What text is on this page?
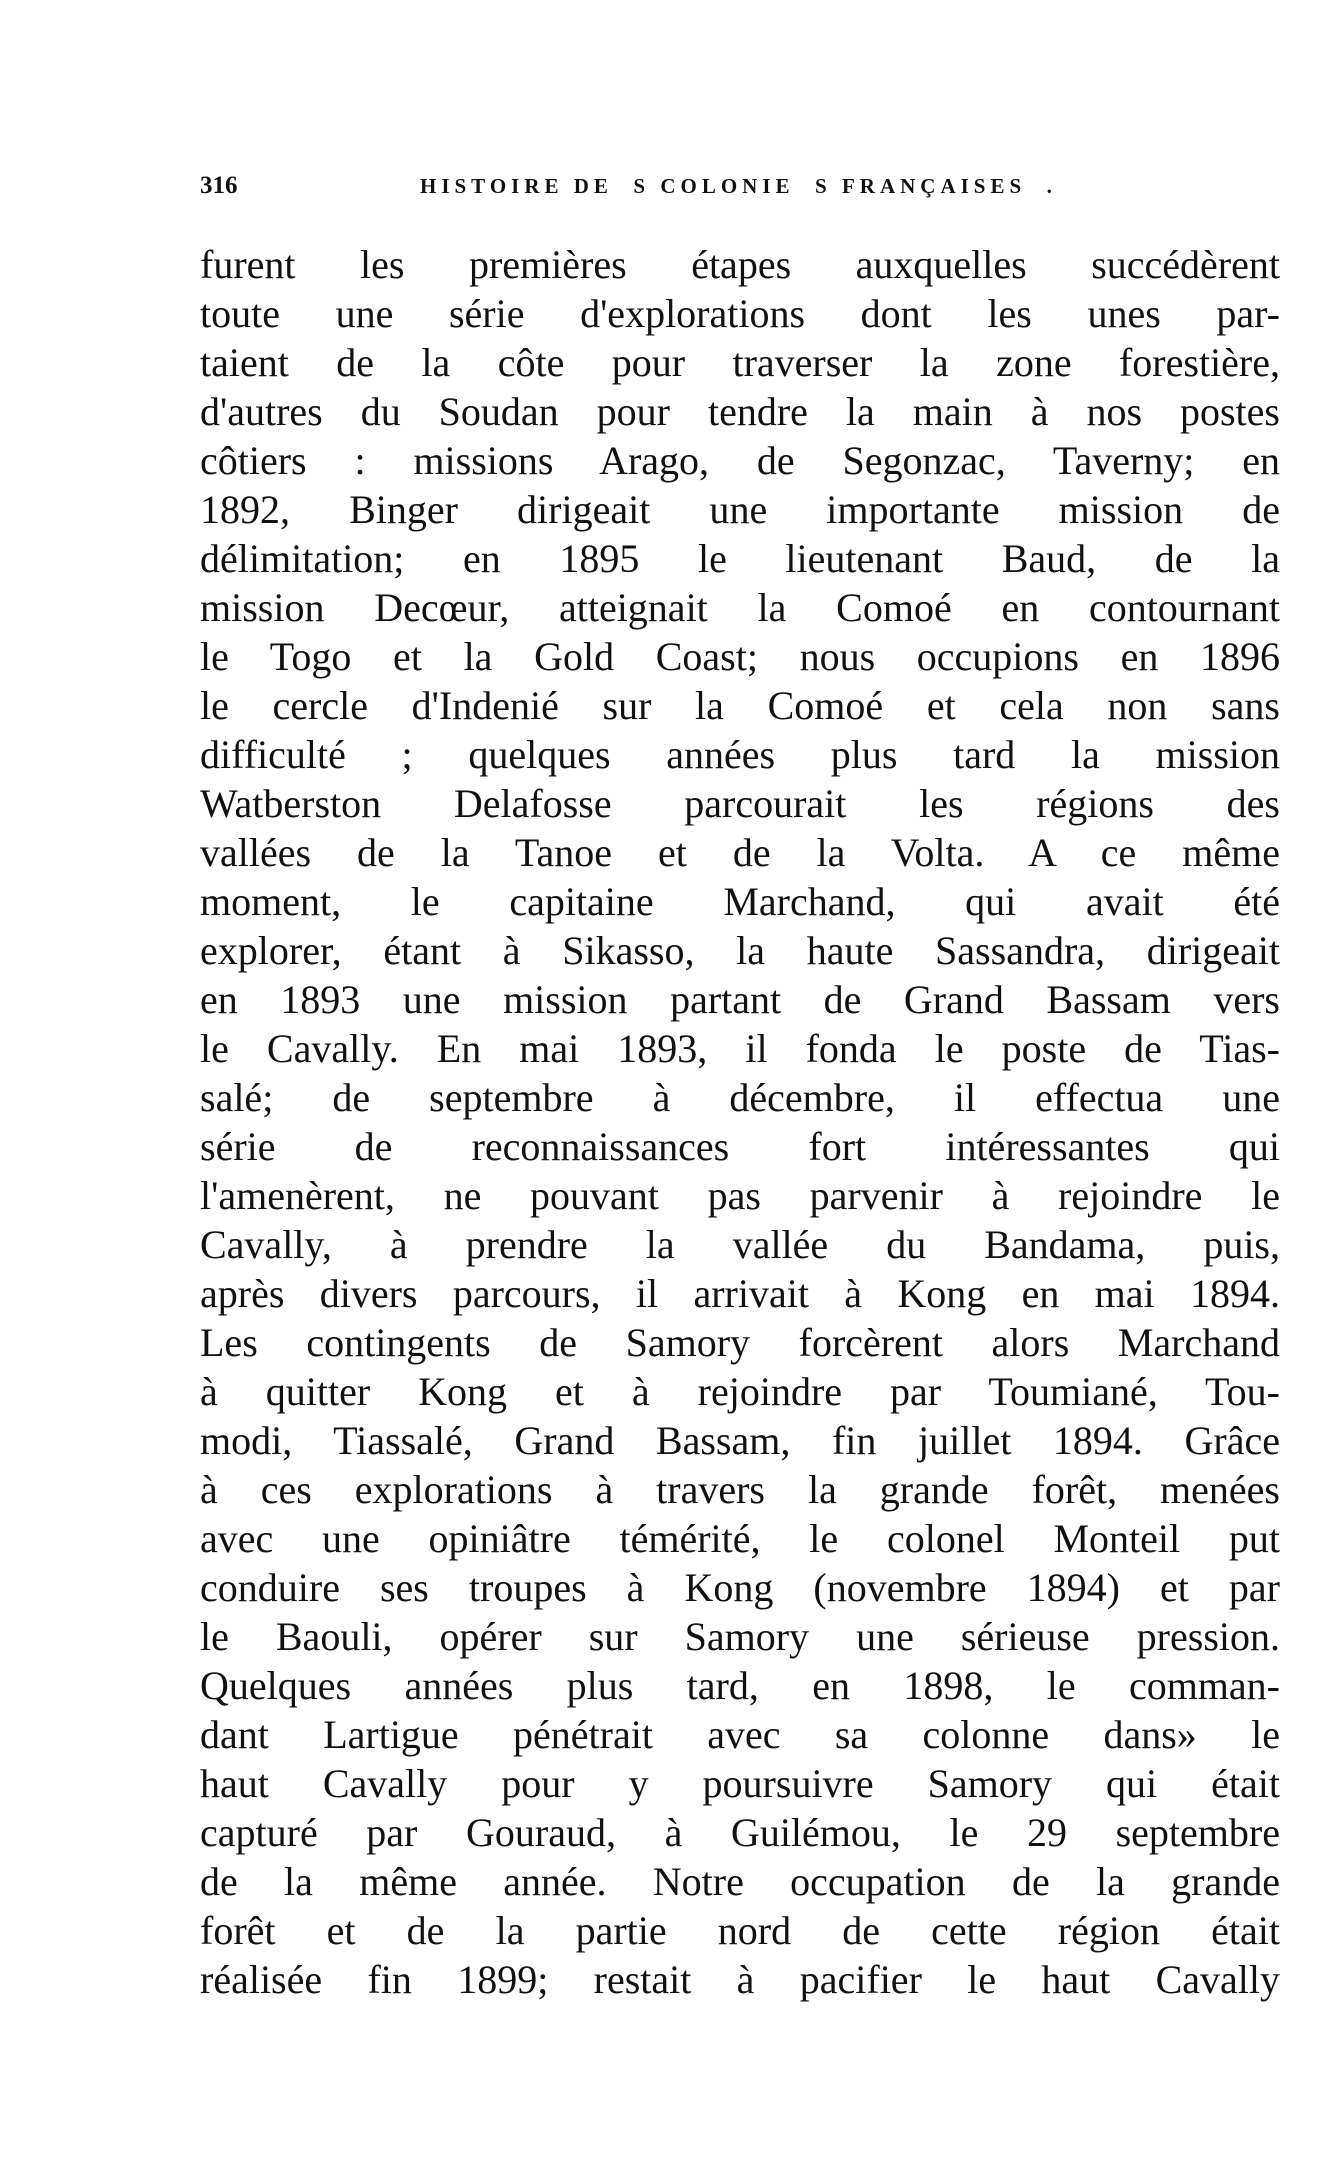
316	HISTOIRE DE  S COLONIE  S FRANÇAISES  .
furent les premières étapes auxquelles succédèrent
toute une série d'explorations dont les unes par-
taient de la côte pour traverser la zone forestière,
d'autres du Soudan pour tendre la main à nos postes
côtiers : missions Arago, de Segonzac, Taverny; en
1892, Binger dirigeait une importante mission de
délimitation; en 1895 le lieutenant Baud, de la
mission Decœur, atteignait la Comoé en contournant
le Togo et la Gold Coast; nous occupions en 1896
le cercle d'Indenié sur la Comoé et cela non sans
difficulté ; quelques années plus tard la mission
Watberston Delafosse parcourait les régions des
vallées de la Tanoe et de la Volta. A ce même
moment, le capitaine Marchand, qui avait été
explorer, étant à Sikasso, la haute Sassandra, dirigeait
en 1893 une mission partant de Grand Bassam vers
le Cavally. En mai 1893, il fonda le poste de Tias-
salé; de septembre à décembre, il effectua une
série de reconnaissances fort intéressantes qui
l'amenèrent, ne pouvant pas parvenir à rejoindre le
Cavally, à prendre la vallée du Bandama, puis,
après divers parcours, il arrivait à Kong en mai 1894.
Les contingents de Samory forcèrent alors Marchand
à quitter Kong et à rejoindre par Toumiané, Tou-
modi, Tiassalé, Grand Bassam, fin juillet 1894. Grâce
à ces explorations à travers la grande forêt, menées
avec une opiniâtre témérité, le colonel Monteil put
conduire ses troupes à Kong (novembre 1894) et par
le Baouli, opérer sur Samory une sérieuse pression.
Quelques années plus tard, en 1898, le comman-
dant Lartigue pénétrait avec sa colonne dans» le
haut Cavally pour y poursuivre Samory qui était
capturé par Gouraud, à Guilémou, le 29 septembre
de la même année. Notre occupation de la grande
forêt et de la partie nord de cette région était
réalisée fin 1899; restait à pacifier le haut Cavally
